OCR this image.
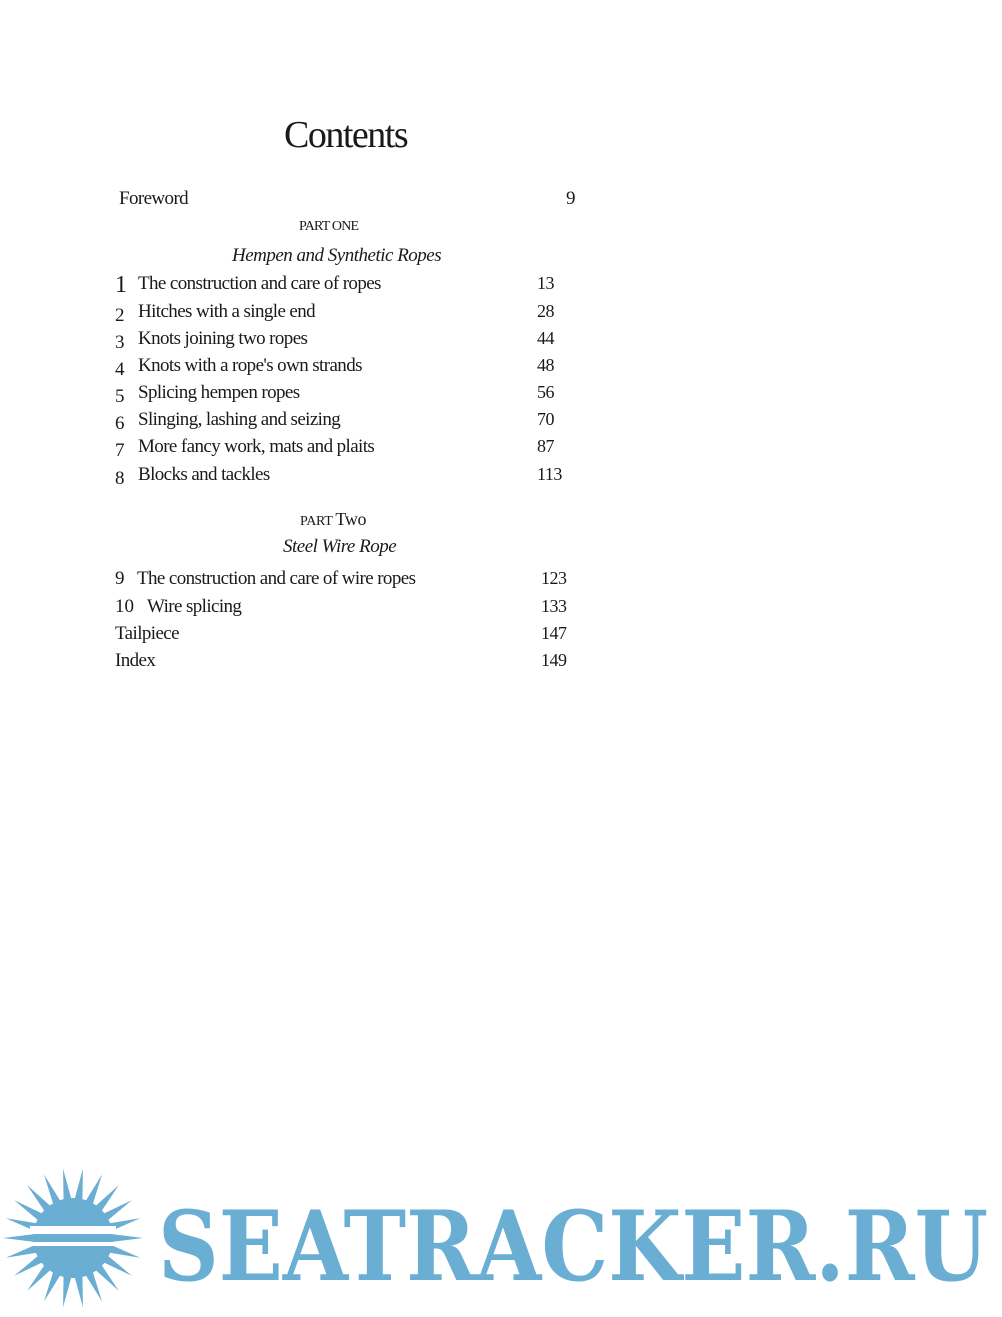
Contents
Foreword	9
PART ONE
Hempen and Synthetic Ropes
1 The construction and care of ropes	13
2 Hitches with a single end	28
3 Knots joining two ropes	44
4 Knots with a rope's own strands	48
5 Splicing hempen ropes	56
6 Slinging, lashing and seizing	70
7 More fancy work, mats and plaits	87
8 Blocks and tackles	113
PART Two
Steel Wire Rope
9 The construction and care of wire ropes	123
10 Wire splicing	133
Tailpiece	147
Index	149
SEATRACKER.RU
